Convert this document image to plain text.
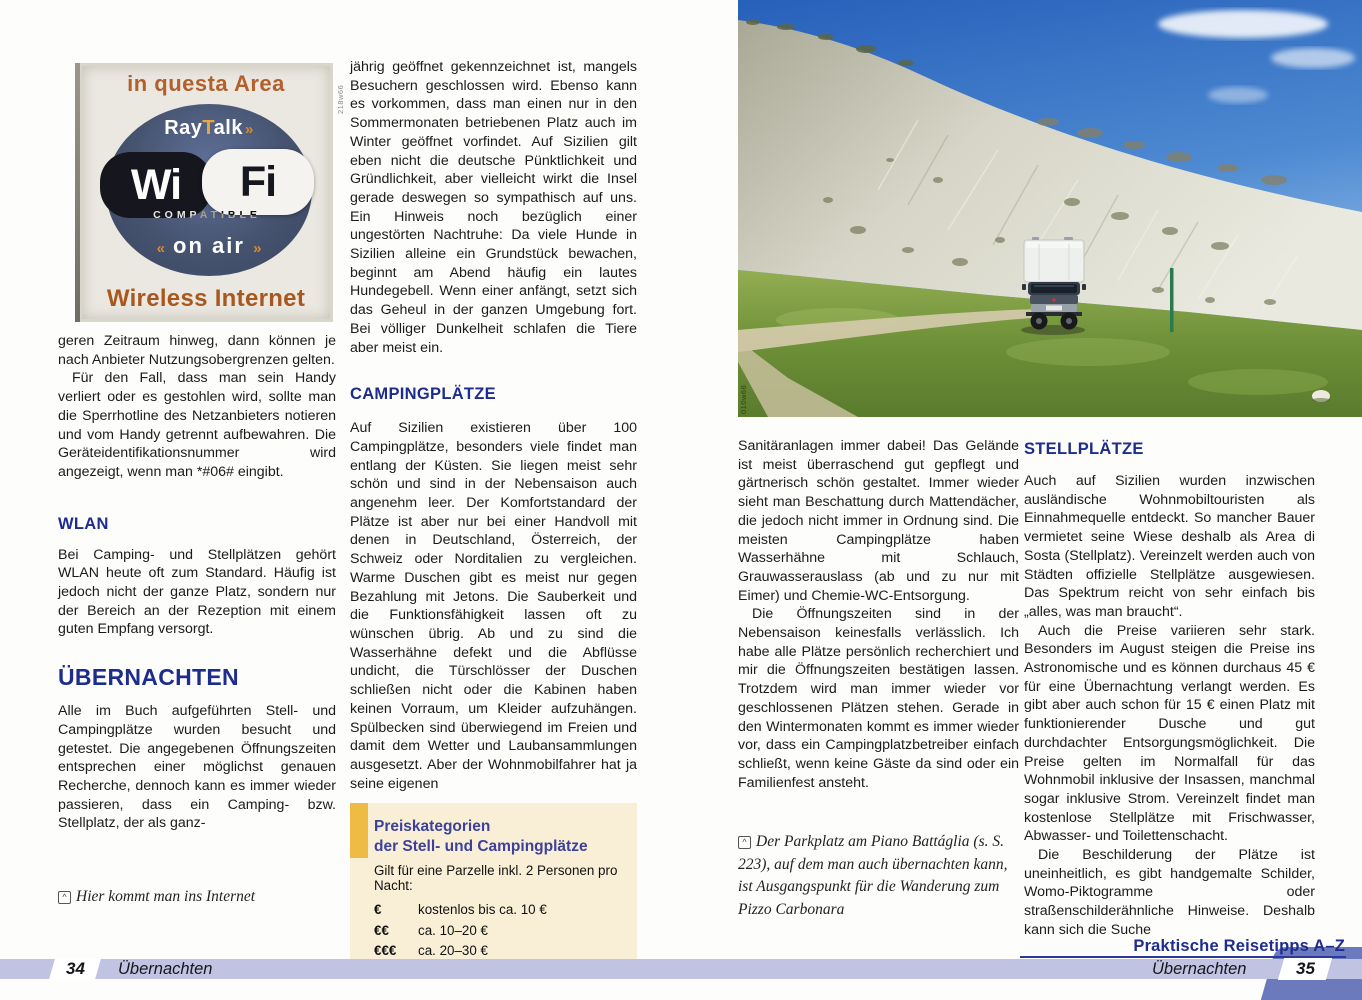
in questa Area
RayTalk »
Wi Fi
COMPATIBLE
« on air »
Wireless Internet
218w66

geren Zeitraum hinweg, dann können je nach Anbieter Nutzungsobergrenzen gelten.

Für den Fall, dass man sein Handy verliert oder es gestohlen wird, sollte man die Sperrhotline des Netzanbieters notieren und vom Handy getrennt aufbewahren. Die Geräteidentifikationsnummer wird angezeigt, wenn man *#06# eingibt.

WLAN

Bei Camping- und Stellplätzen gehört WLAN heute oft zum Standard. Häufig ist jedoch nicht der ganze Platz, sondern nur der Bereich an der Rezeption mit einem guten Empfang versorgt.

ÜBERNACHTEN

Alle im Buch aufgeführten Stell- und Campingplätze wurden besucht und getestet. Die angegebenen Öffnungszeiten entsprechen einer möglichst genauen Recherche, dennoch kann es immer wieder passieren, dass ein Camping- bzw. Stellplatz, der als ganz-

^Hier kommt man ins Internet

jährig geöffnet gekennzeichnet ist, mangels Besuchern geschlossen wird. Ebenso kann es vorkommen, dass man einen nur in den Sommermonaten betriebenen Platz auch im Winter geöffnet vorfindet. Auf Sizilien gilt eben nicht die deutsche Pünktlichkeit und Gründlichkeit, aber vielleicht wirkt die Insel gerade deswegen so sympathisch auf uns. Ein Hinweis noch bezüglich einer ungestörten Nachtruhe: Da viele Hunde in Sizilien alleine ein Grundstück bewachen, beginnt am Abend häufig ein lautes Hundegebell. Wenn einer anfängt, setzt sich das Geheul in der ganzen Umgebung fort. Bei völliger Dunkelheit schlafen die Tiere aber meist ein.

CAMPINGPLÄTZE

Auf Sizilien existieren über 100 Campingplätze, besonders viele findet man entlang der Küsten. Sie liegen meist sehr schön und sind in der Nebensaison auch angenehm leer. Der Komfortstandard der Plätze ist aber nur bei einer Handvoll mit denen in Deutschland, Österreich, der Schweiz oder Norditalien zu vergleichen. Warme Duschen gibt es meist nur gegen Bezahlung mit Jetons. Die Sauberkeit und die Funktionsfähigkeit lassen oft zu wünschen übrig. Ab und zu sind die Wasserhähne defekt und die Abflüsse undicht, die Türschlösser der Duschen schließen nicht oder die Kabinen haben keinen Vorraum, um Kleider aufzuhängen. Spülbecken sind überwiegend im Freien und damit dem Wetter und Laubansammlungen ausgesetzt. Aber der Wohnmobilfahrer hat ja seine eigenen

Preiskategorien
der Stell- und Campingplätze
Gilt für eine Parzelle inkl. 2 Personen pro Nacht:
€	kostenlos bis ca. 10 €
€€	ca. 10–20 €
€€€	ca. 20–30 €
010w66

Sanitäranlagen immer dabei! Das Gelände ist meist überraschend gut gepflegt und gärtnerisch schön gestaltet. Immer wieder sieht man Beschattung durch Mattendächer, die jedoch nicht immer in Ordnung sind. Die meisten Campingplätze haben Wasserhähne mit Schlauch, Grauwasserauslass (ab und zu nur mit Eimer) und Chemie-WC-Entsorgung.

Die Öffnungszeiten sind in der Nebensaison keinesfalls verlässlich. Ich habe alle Plätze persönlich recherchiert und mir die Öffnungszeiten bestätigen lassen. Trotzdem wird man immer wieder vor geschlossenen Plätzen stehen. Gerade in den Wintermonaten kommt es immer wieder vor, dass ein Campingplatzbetreiber einfach schließt, wenn keine Gäste da sind oder ein Familienfest ansteht.

^Der Parkplatz am Piano Battáglia (s. S. 223), auf dem man auch übernachten kann, ist Ausgangspunkt für die Wanderung zum Pizzo Carbonara
STELLPLÄTZE

Auch auf Sizilien wurden inzwischen ausländische Wohnmobiltouristen als Einnahmequelle entdeckt. So mancher Bauer vermietet seine Wiese deshalb als Area di Sosta (Stellplatz). Vereinzelt werden auch von Städten offizielle Stellplätze ausgewiesen. Das Spektrum reicht von sehr einfach bis „alles, was man braucht“.

Auch die Preise variieren sehr stark. Besonders im August steigen die Preise ins Astronomische und es können durchaus 45 € für eine Übernachtung verlangt werden. Es gibt aber auch schon für 15 € einen Platz mit funktionierender Dusche und gut durchdachter Entsorgungsmöglichkeit. Die Preise gelten im Normalfall für das Wohnmobil inklusive der Insassen, manchmal sogar inklusive Strom. Vereinzelt findet man kostenlose Stellplätze mit Frischwasser, Abwasser- und Toilettenschacht.

Die Beschilderung der Plätze ist uneinheitlich, es gibt handgemalte Schilder, Womo-Piktogramme oder straßenschilderähnliche Hinweise. Deshalb kann sich die Suche

Praktische Reisetipps A–Z
34 Übernachten	Übernachten	35
